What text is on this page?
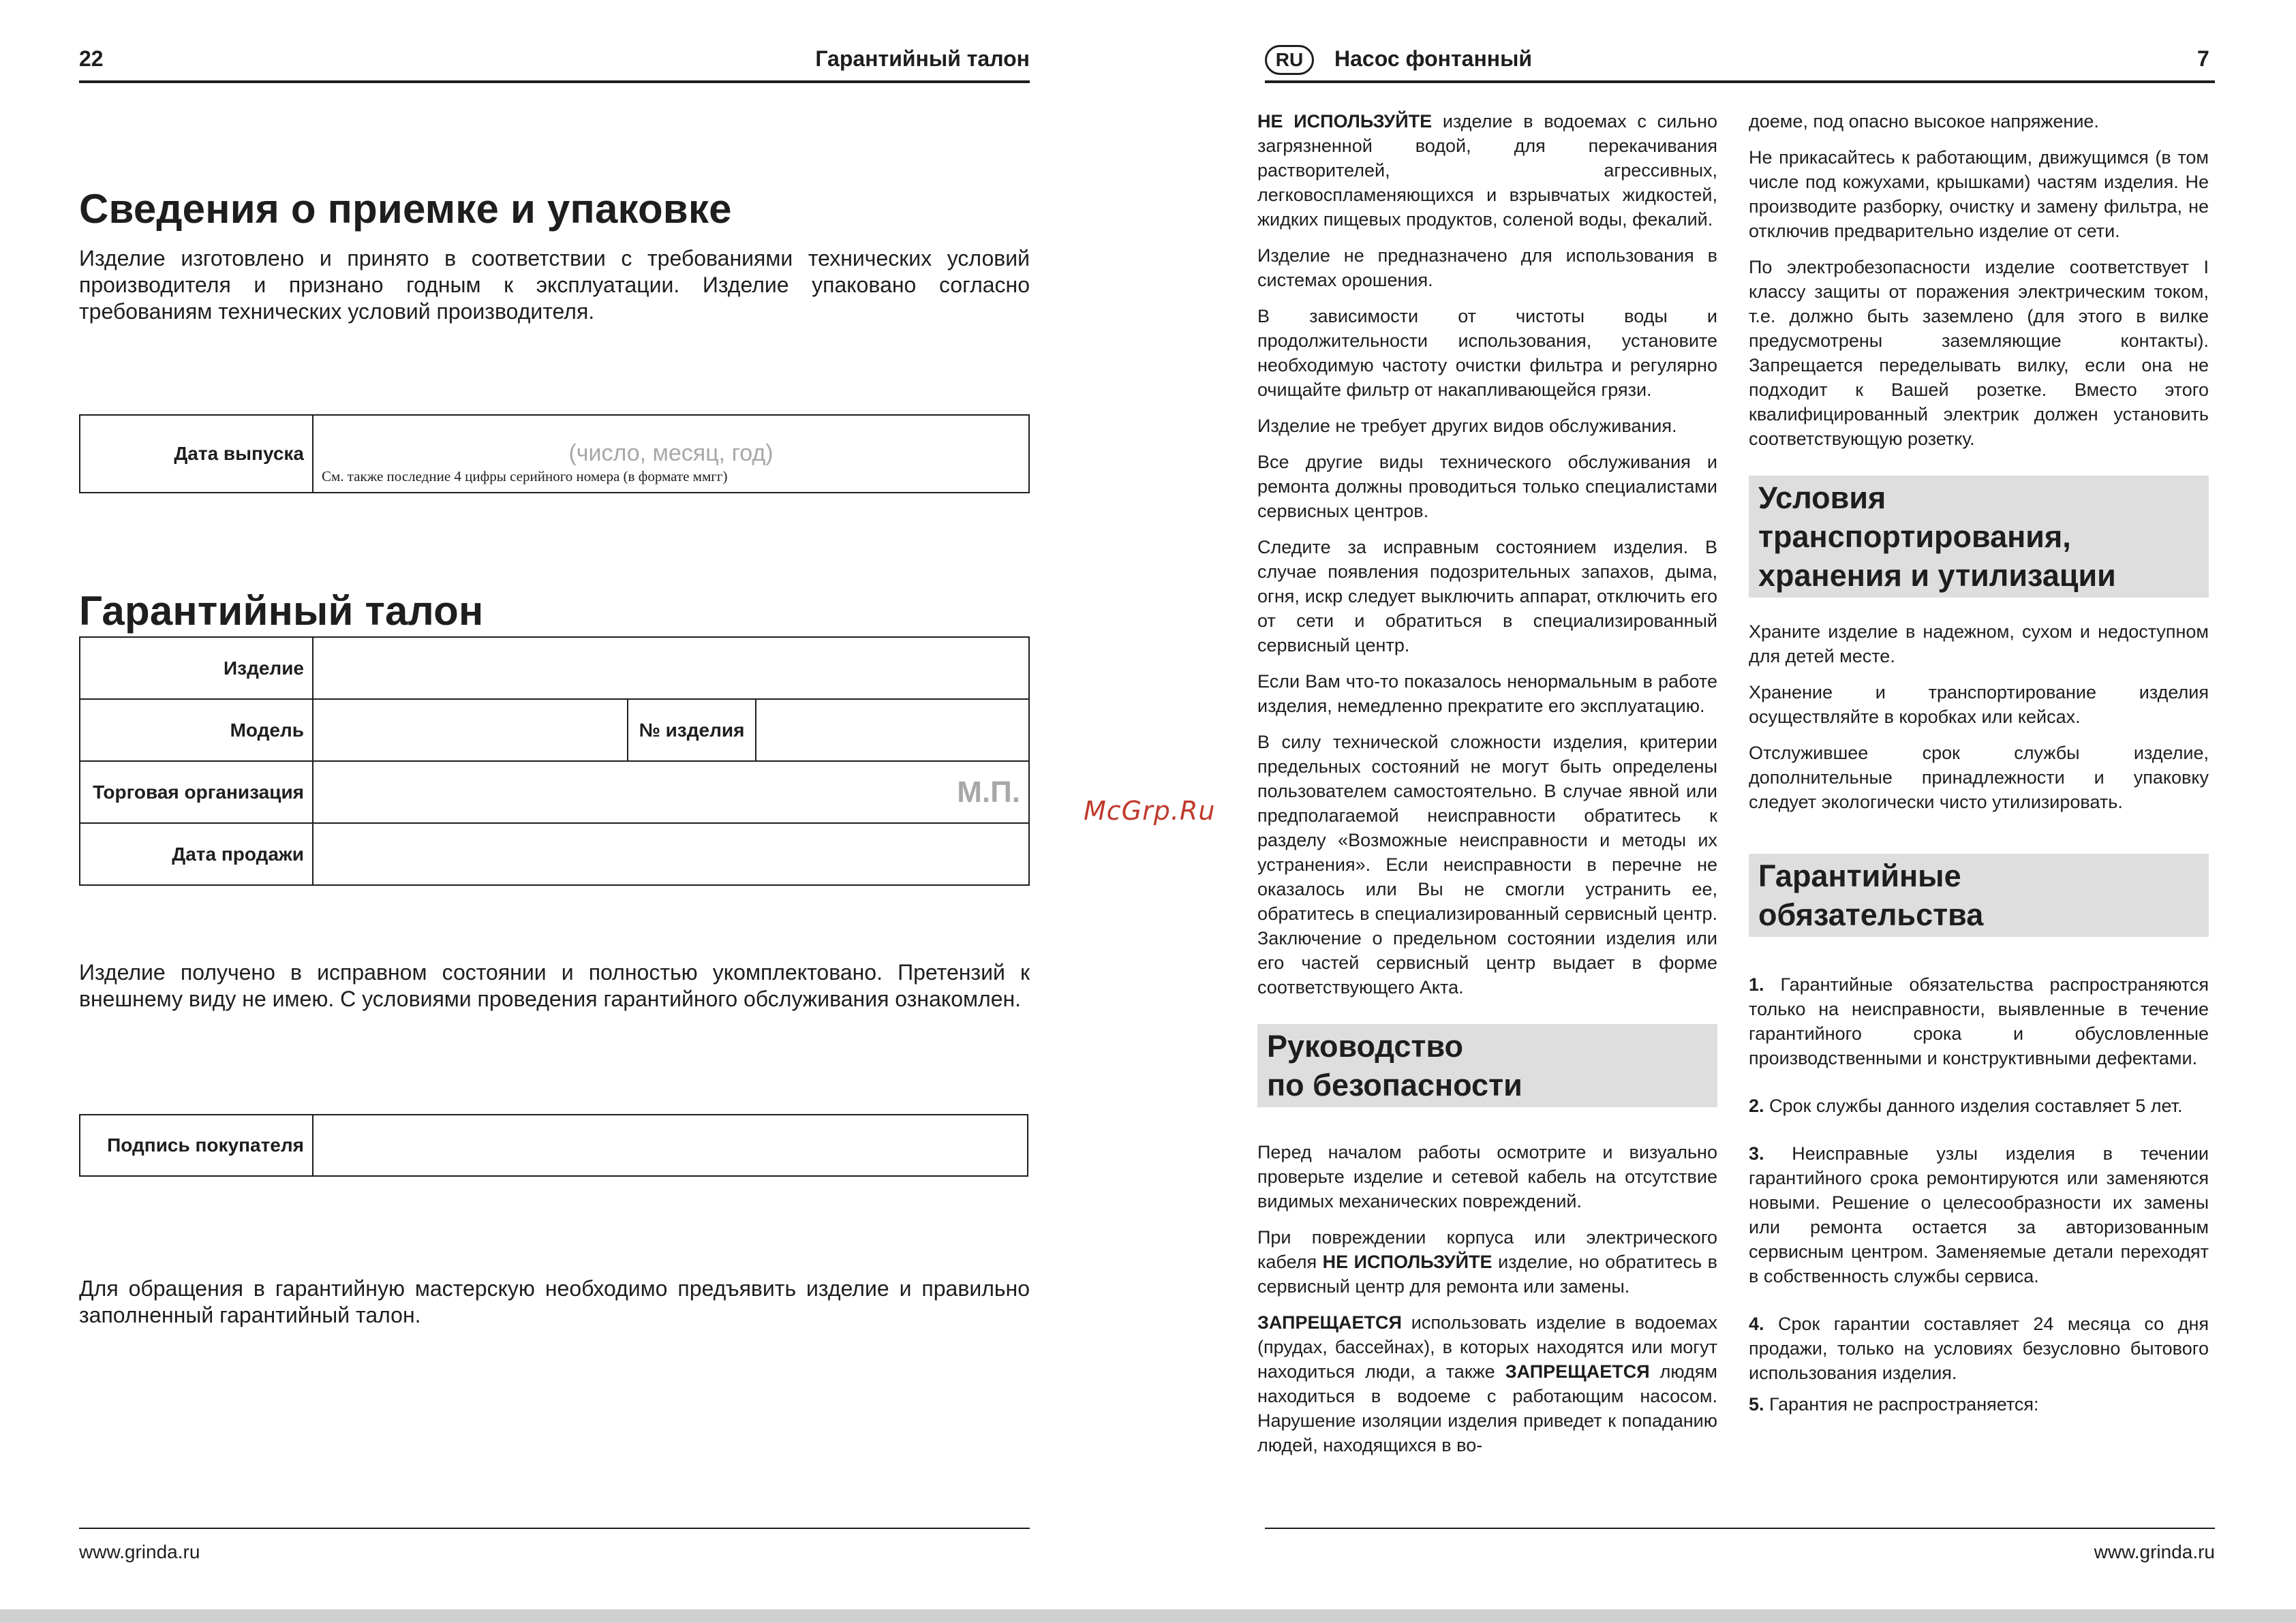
22	Гарантийный талон
Сведения о приемке и упаковке
Изделие изготовлено и принято в соответствии с требованиями технических условий производителя и признано годным к эксплуатации. Изделие упаковано согласно требованиям технических условий производителя.
Дата выпуска	(число, месяц, год)
См. также последние 4 цифры серийного номера (в формате ммгг)
Гарантийный талон
Изделие			
Модель		№ изделия	
Торговая организация	М.П.		
Дата продажи			
Изделие получено в исправном состоянии и полностью укомплектовано. Претензий к внешнему виду не имею. С условиями проведения гарантийного обслуживания ознакомлен.
Подпись покупателя	
Для обращения в гарантийную мастерскую необходимо предъявить изделие и правильно заполненный гарантийный талон.
www.grinda.ru
McGrp.Ru
RU	Насос фонтанный	7

НЕ ИСПОЛЬЗУЙТЕ изделие в водоемах с сильно загрязненной водой, для перекачивания растворителей, агрессивных, легковоспламеняющихся и взрывчатых жидкостей, жидких пищевых продуктов, соленой воды, фекалий.

Изделие не предназначено для использования в системах орошения.

В зависимости от чистоты воды и продолжительности использования, установите необходимую частоту очистки фильтра и регулярно очищайте фильтр от накапливающейся грязи.

Изделие не требует других видов обслуживания.

Все другие виды технического обслуживания и ремонта должны проводиться только специалистами сервисных центров.

Следите за исправным состоянием изделия. В случае появления подозрительных запахов, дыма, огня, искр следует выключить аппарат, отключить его от сети и обратиться в специализированный сервисный центр.

Если Вам что-то показалось ненормальным в работе изделия, немедленно прекратите его эксплуатацию.

В силу технической сложности изделия, критерии предельных состояний не могут быть определены пользователем самостоятельно. В случае явной или предполагаемой неисправности обратитесь к разделу «Возможные неисправности и методы их устранения». Если неисправности в перечне не оказалось или Вы не смогли устранить ее, обратитесь в специализированный сервисный центр. Заключение о предельном состоянии изделия или его частей сервисный центр выдает в форме соответствующего Акта.

Руководство
по безопасности

Перед началом работы осмотрите и визуально проверьте изделие и сетевой кабель на отсутствие видимых механических повреждений.

При повреждении корпуса или электрического кабеля НЕ ИСПОЛЬЗУЙТЕ изделие, но обратитесь в сервисный центр для ремонта или замены.

ЗАПРЕЩАЕТСЯ использовать изделие в водоемах (прудах, бассейнах), в которых находятся или могут находиться люди, а также ЗАПРЕЩАЕТСЯ людям находиться в водоеме с работающим насосом. Нарушение изоляции изделия приведет к попаданию людей, находящихся в во-

доеме, под опасно высокое напряжение.

Не прикасайтесь к работающим, движущимся (в том числе под кожухами, крышками) частям изделия. Не производите разборку, очистку и замену фильтра, не отключив предварительно изделие от сети.

По электробезопасности изделие соответствует I классу защиты от поражения электрическим током, т.е. должно быть заземлено (для этого в вилке предусмотрены заземляющие контакты). Запрещается переделывать вилку, если она не подходит к Вашей розетке. Вместо этого квалифицированный электрик должен установить соответствующую розетку.

Условия
транспортирования,
хранения и утилизации

Храните изделие в надежном, сухом и недоступном для детей месте.

Хранение и транспортирование изделия осуществляйте в коробках или кейсах.

Отслужившее срок службы изделие, дополнительные принадлежности и упаковку следует экологически чисто утилизировать.

Гарантийные
обязательства

1. Гарантийные обязательства распространяются только на неисправности, выявленные в течение гарантийного срока и обусловленные производственными и конструктивными дефектами.

2. Срок службы данного изделия составляет 5 лет.

3. Неисправные узлы изделия в течении гарантийного срока ремонтируются или заменяются новыми. Решение о целесообразности их замены или ремонта остается за авторизованным сервисным центром. Заменяемые детали переходят в собственность службы сервиса.

4. Срок гарантии составляет 24 месяца со дня продажи, только на условиях безусловно бытового использования изделия.

5. Гарантия не распространяется:

www.grinda.ru
